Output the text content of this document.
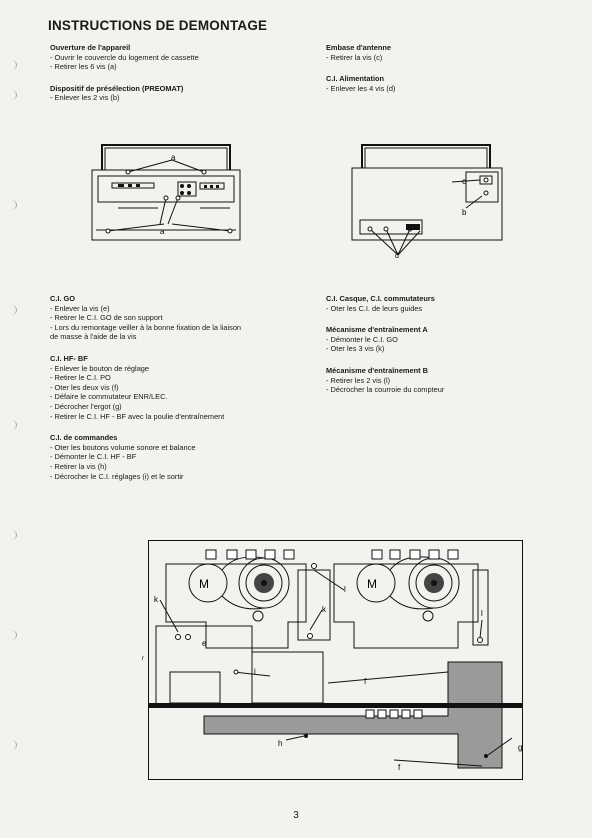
INSTRUCTIONS DE DEMONTAGE
Ouverture de l'appareil
- Ouvrir le couvercle du logement de cassette
- Retirer les 6 vis (a)
Dispositif de présélection (PREOMAT)
- Enlever les 2 vis (b)
Embase d'antenne
- Retirer la vis (c)
C.I. Alimentation
- Enlever les 4 vis (d)
C.I. GO
- Enlever la vis (e)
- Retirer le C.I. GO de son support
- Lors du remontage veiller à la bonne fixation de la liaison
de masse à l'aide de la vis
C.I. HF- BF
- Enlever le bouton de réglage
- Retirer le C.I. PO
- Oter les deux vis (f)
- Défaire le commutateur ENR/LEC.
- Décrocher l'ergot (g)
- Retirer le C.I. HF - BF avec la poulie d'entraînement
C.I. de commandes
- Oter les boutons volume sonore et balance
- Démonter le C.I. HF - BF
- Retirer la vis (h)
- Décrocher le C.I. réglages (i) et le sortir
C.I. Casque, C.I. commutateurs
- Oter les C.I. de leurs guides
Mécanisme d'entraînement A
- Démonter le C.I. GO
- Oter les 3 vis (k)
Mécanisme d'entraînement B
- Retirer les 2 vis (l)
- Décrocher la courroie du compteur
a
a
c
b
d
M	M
k
k
e
i
l
l
f
f
h	g
r
3
